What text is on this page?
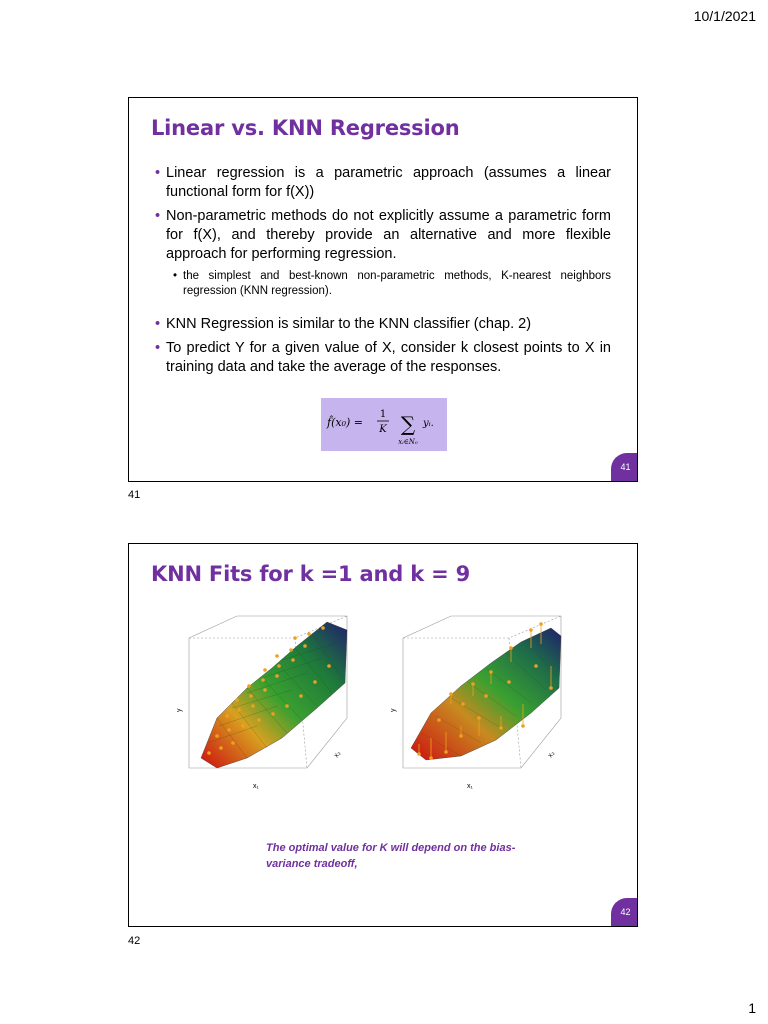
10/1/2021
Linear vs. KNN Regression
• Linear regression is a parametric approach (assumes a linear functional form for f(X))
• Non-parametric methods do not explicitly assume a parametric form for f(X), and thereby provide an alternative and more flexible approach for performing regression.
• the simplest and best-known non-parametric methods, K-nearest neighbors regression (KNN regression).
• KNN Regression is similar to the KNN classifier (chap. 2)
• To predict Y for a given value of X, consider k closest points to X in training data and take the average of the responses.
f̂(x₀) =
1
K ∑
xᵢ∈N₀
yᵢ.
41
41
KNN Fits for k =1 and k = 9
y
x₁
x₂
y
x₁
x₂
The optimal value for K will depend on the bias-variance tradeoff,
42
42
1
